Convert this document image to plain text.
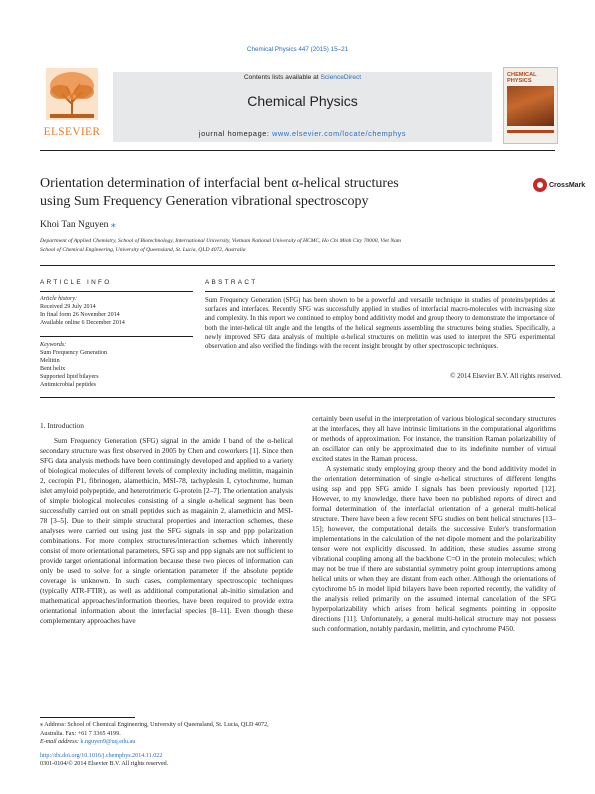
Chemical Physics 447 (2015) 15–21
ELSEVIER
Contents lists available at ScienceDirect
Chemical Physics
journal homepage: www.elsevier.com/locate/chemphys
CHEMICAL PHYSICS
Orientation determination of interfacial bent α-helical structures
using Sum Frequency Generation vibrational spectroscopy
CrossMark
Khoi Tan Nguyen ⁎
Department of Applied Chemistry, School of Biotechnology, International University, Vietnam National University of HCMC, Ho Chi Minh City 70000, Viet Nam
School of Chemical Engineering, University of Queensland, St. Lucia, QLD 4072, Australia
ARTICLE INFO
Article history:
Received 29 July 2014
In final form 26 November 2014
Available online 6 December 2014
Keywords:
Sum Frequency Generation
Melittin
Bent helix
Supported lipid bilayers
Antimicrobial peptides
ABSTRACT
Sum Frequency Generation (SFG) has been shown to be a powerful and versatile technique in studies of proteins/peptides at surfaces and interfaces. Recently SFG was successfully applied in studies of interfacial macro-molecules with increasing size and complexity. In this report we continued to employ bond additivity model and group theory to demonstrate the importance of both the inter-helical tilt angle and the lengths of the helical segments assembling the structures being studies. Specifically, a newly improved SFG data analysis of multiple α-helical structures on melittin was used to interpret the SFG experimental observation and also verified the findings with the recent insight brought by other spectroscopic techniques.
© 2014 Elsevier B.V. All rights reserved.
1. Introduction

Sum Frequency Generation (SFG) signal in the amide I band of the α-helical secondary structure was first observed in 2005 by Chen and coworkers [1]. Since then SFG data analysis methods have been continuingly developed and applied to a variety of biological molecules of different levels of complexity including melittin, magainin 2, cecropin P1, fibrinogen, alamethicin, MSI-78, tachyplesin I, cytochrome, human islet amyloid polypeptide, and heterotrimeric G-protein [2–7]. The orientation analysis of simple biological molecules consisting of a single α-helical segment has been successfully carried out on small peptides such as magainin 2, alamethicin and MSI-78 [3–5]. Due to their simple structural properties and interaction schemes, these analyses were carried out using just the SFG signals in ssp and ppp polarization combinations. For more complex structures/interaction schemes which inherently consist of more orientational parameters, SFG ssp and ppp signals are not sufficient to provide target orientational information because these two pieces of information can only be used to solve for a single orientation parameter if the absolute peptide coverage is unknown. In such cases, complementary spectroscopic techniques (typically ATR-FTIR), as well as additional computational ab-initio simulation and mathematical approaches/information theories, have been required to provide extra orientational information about the interfacial species [8–11]. Even though these complementary approaches have

certainly been useful in the interpretation of various biological secondary structures at the interfaces, they all have intrinsic limitations in the computational algorithms or methods of approximation. For instance, the transition Raman polarizability of an oscillator can only be approximated due to its indefinite number of virtual excited states in the Raman process.

A systematic study employing group theory and the bond additivity model in the orientation determination of single α-helical structures of different lengths using ssp and ppp SFG amide I signals has been previously reported [12]. However, to my knowledge, there have been no published reports of direct and formal determination of the interfacial orientation of a general multi-helical structure. There have been a few recent SFG studies on bent helical structures [13–15]; however, the computational details the successive Euler's transformation implementations in the calculation of the net dipole moment and the polarizability tensor were not explicitly discussed. In addition, these studies assume strong vibrational coupling among all the backbone C=O in the protein molecules; which may not be true if there are substantial symmetry point group interruptions among helical units or when they are distant from each other. Although the orientations of cytochrome b5 in model lipid bilayers have been reported recently, the validity of the analysis relied primarily on the assumed internal cancelation of the SFG hyperpolarizability which arises from helical segments pointing in opposite directions [11]. Unfortunately, a general multi-helical structure may not possess such conformation, notably pardaxin, melittin, and cytochrome P450.

⁎ Address: School of Chemical Engineering, University of Queensland, St. Lucia, QLD 4072, Australia. Fax: +61 7 3365 4199.
E-mail address: k.nguyen9@uq.edu.au
http://dx.doi.org/10.1016/j.chemphys.2014.11.022
0301-0104/© 2014 Elsevier B.V. All rights reserved.
